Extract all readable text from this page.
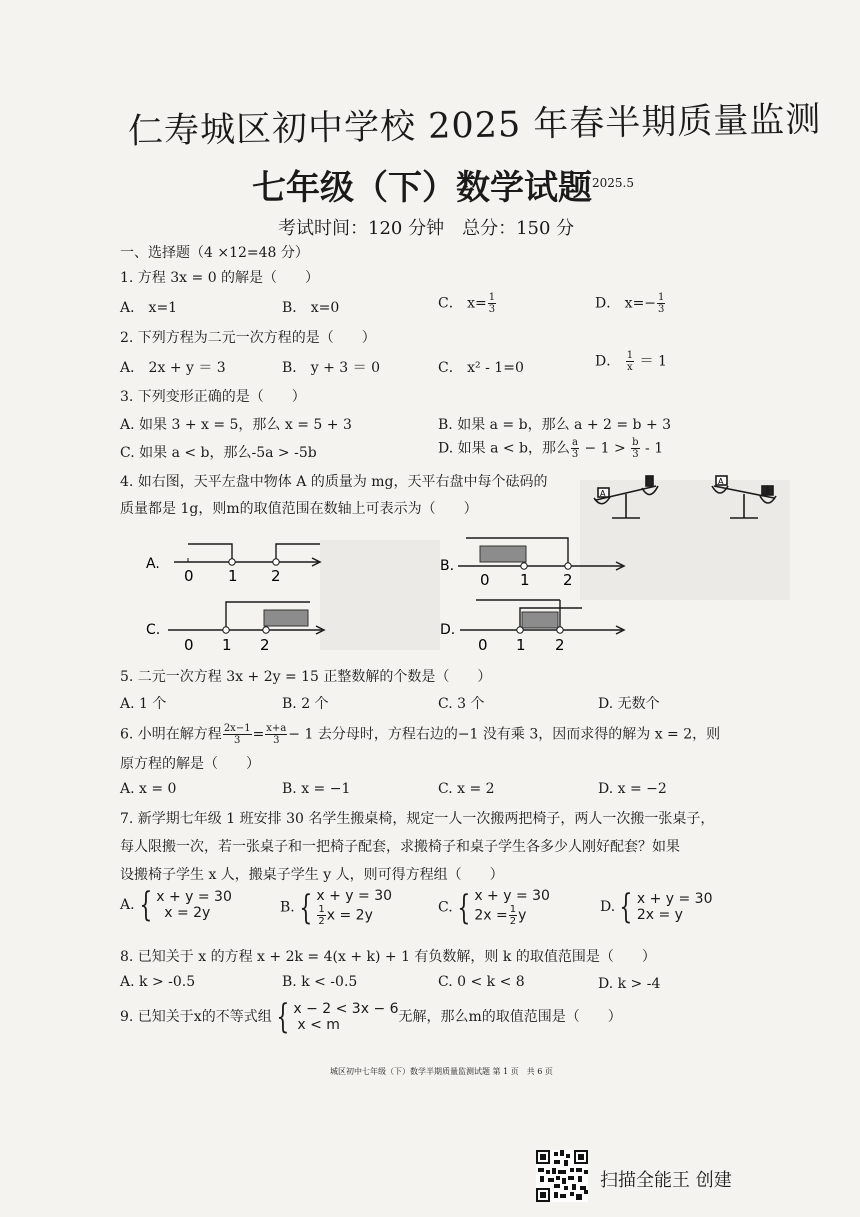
仁寿城区初中学校 2025 年春半期质量监测
七年级（下）数学试题 2025.5
考试时间：120 分钟　总分：150 分
一、选择题（4 ×12=48 分）
1. 方程 3x = 0 的解是（　　）
A． x=1	B． x=0	C． $x= \frac{1}{3}$	D． $x=- \frac{1}{3}$
2. 下列方程为二元一次方程的是（　　）
A． 2x + y ＝ 3	B． y + 3 ＝ 0	C． x² - 1=0	D． $\frac{1}{x} = 1$
3. 下列变形正确的是（　　）
A. 如果 3 + x = 5，那么 x = 5 + 3	B. 如果 a = b，那么 a + 2 = b + 3
C. 如果 a < b，那么-5a > -5b	D. 如果 a < b，那么 $\frac{a}{3} - 1 > \frac{b}{3} - 1$
4. 如右图，天平左盘中物体 A 的质量为 mg，天平右盘中每个砝码的
质量都是 1g，则m的取值范围在数轴上可表示为（　　）
A
A
A.
0 1 2
B.
0 1 2
C.
0 1 2
D.
0 1 2
5. 二元一次方程 3x + 2y = 15 正整数解的个数是（　　）
A. 1 个	B. 2 个	C. 3 个	D. 无数个
6. 小明在解方程 $\frac{2x-1}{3} = \frac{x+a}{3} - 1$ 去分母时，方程右边的−1 没有乘 3，因而求得的解为 x = 2，则
原方程的解是（　　）
A. x = 0	B. x = −1	C. x = 2	D. x = −2
7. 新学期七年级 1 班安排 30 名学生搬桌椅，规定一人一次搬两把椅子，两人一次搬一张桌子，
每人限搬一次，若一张桌子和一把椅子配套，求搬椅子和桌子学生各多少人刚好配套？如果
设搬椅子学生 x 人，搬桌子学生 y 人，则可得方程组（　　）
A. { x + y = 30
x = 2y	B. { x + y = 30
$\frac{1}{2}$ x = 2y	C. { x + y = 30
$2x = \frac{1}{2}$ y
D. { x + y = 30
2x = y
8. 已知关于 x 的方程 x + 2k = 4(x + k) + 1 有负数解，则 k 的取值范围是（　　）
A. k > -0.5	B. k < -0.5	C. 0 < k < 8	D. k > -4
9. 已知关于x的不等式组 { x − 2 < 3x − 6
x < m	无解，那么m的取值范围是（　　）
城区初中七年级（下）数学半期质量监测试题 第 1 页　共 6 页
扫描全能王 创建
